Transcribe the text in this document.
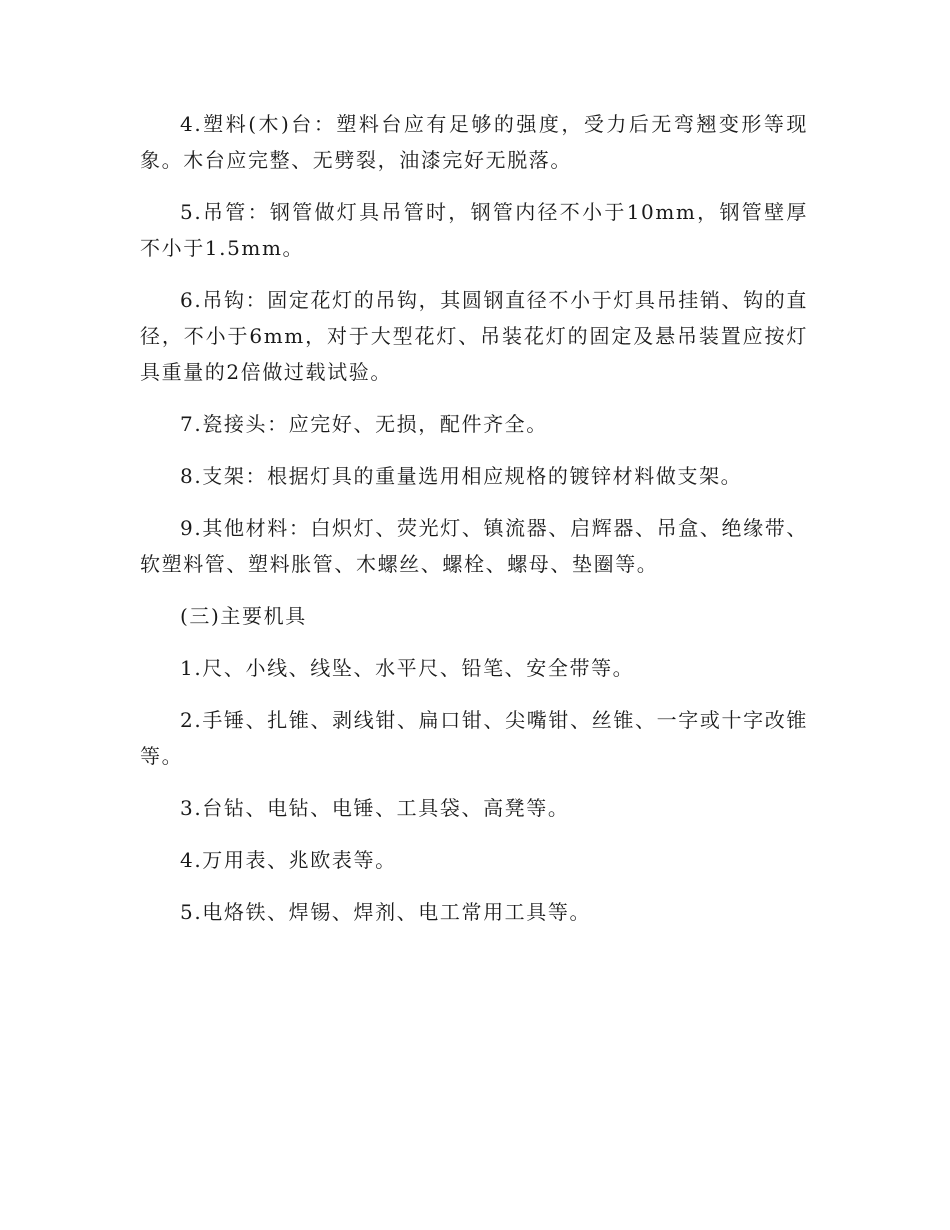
4.塑料(木)台：塑料台应有足够的强度，受力后无弯翘变形等现象。木台应完整、无劈裂，油漆完好无脱落。

5.吊管：钢管做灯具吊管时，钢管内径不小于10mm，钢管壁厚不小于1.5mm。

6.吊钩：固定花灯的吊钩，其圆钢直径不小于灯具吊挂销、钩的直径，不小于6mm，对于大型花灯、吊装花灯的固定及悬吊装置应按灯具重量的2倍做过载试验。

7.瓷接头：应完好、无损，配件齐全。

8.支架：根据灯具的重量选用相应规格的镀锌材料做支架。

9.其他材料：白炽灯、荧光灯、镇流器、启辉器、吊盒、绝缘带、软塑料管、塑料胀管、木螺丝、螺栓、螺母、垫圈等。

(三)主要机具

1.尺、小线、线坠、水平尺、铅笔、安全带等。

2.手锤、扎锥、剥线钳、扁口钳、尖嘴钳、丝锥、一字或十字改锥等。

3.台钻、电钻、电锤、工具袋、高凳等。

4.万用表、兆欧表等。

5.电烙铁、焊锡、焊剂、电工常用工具等。
